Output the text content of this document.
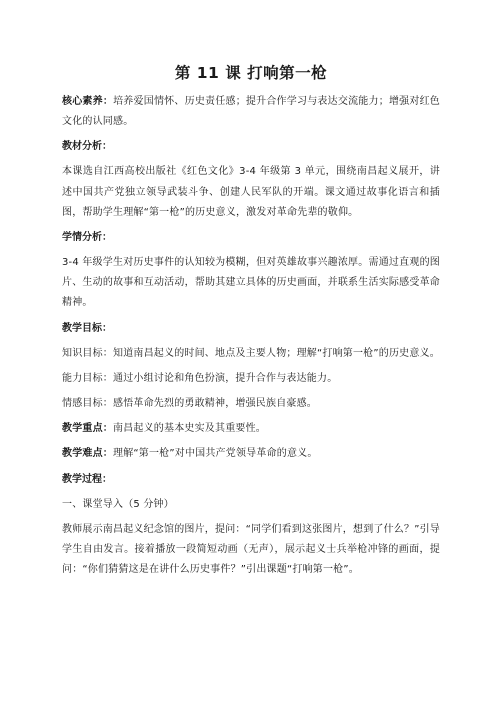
第 11 课 打响第一枪

核心素养：培养爱国情怀、历史责任感；提升合作学习与表达交流能力；增强对红色文化的认同感。

教材分析：

本课选自江西高校出版社《红色文化》3-4 年级第 3 单元，围绕南昌起义展开，讲述中国共产党独立领导武装斗争、创建人民军队的开端。课文通过故事化语言和插图，帮助学生理解“第一枪”的历史意义，激发对革命先辈的敬仰。

学情分析：

3-4 年级学生对历史事件的认知较为模糊，但对英雄故事兴趣浓厚。需通过直观的图片、生动的故事和互动活动，帮助其建立具体的历史画面，并联系生活实际感受革命精神。

教学目标：

知识目标：知道南昌起义的时间、地点及主要人物；理解“打响第一枪”的历史意义。

能力目标：通过小组讨论和角色扮演，提升合作与表达能力。

情感目标：感悟革命先烈的勇敢精神，增强民族自豪感。

教学重点：南昌起义的基本史实及其重要性。

教学难点：理解“第一枪”对中国共产党领导革命的意义。

教学过程：

一、课堂导入（5 分钟）

教师展示南昌起义纪念馆的图片，提问：“同学们看到这张图片，想到了什么？”引导学生自由发言。接着播放一段简短动画（无声），展示起义士兵举枪冲锋的画面，提问：“你们猜猜这是在讲什么历史事件？”引出课题“打响第一枪”。
